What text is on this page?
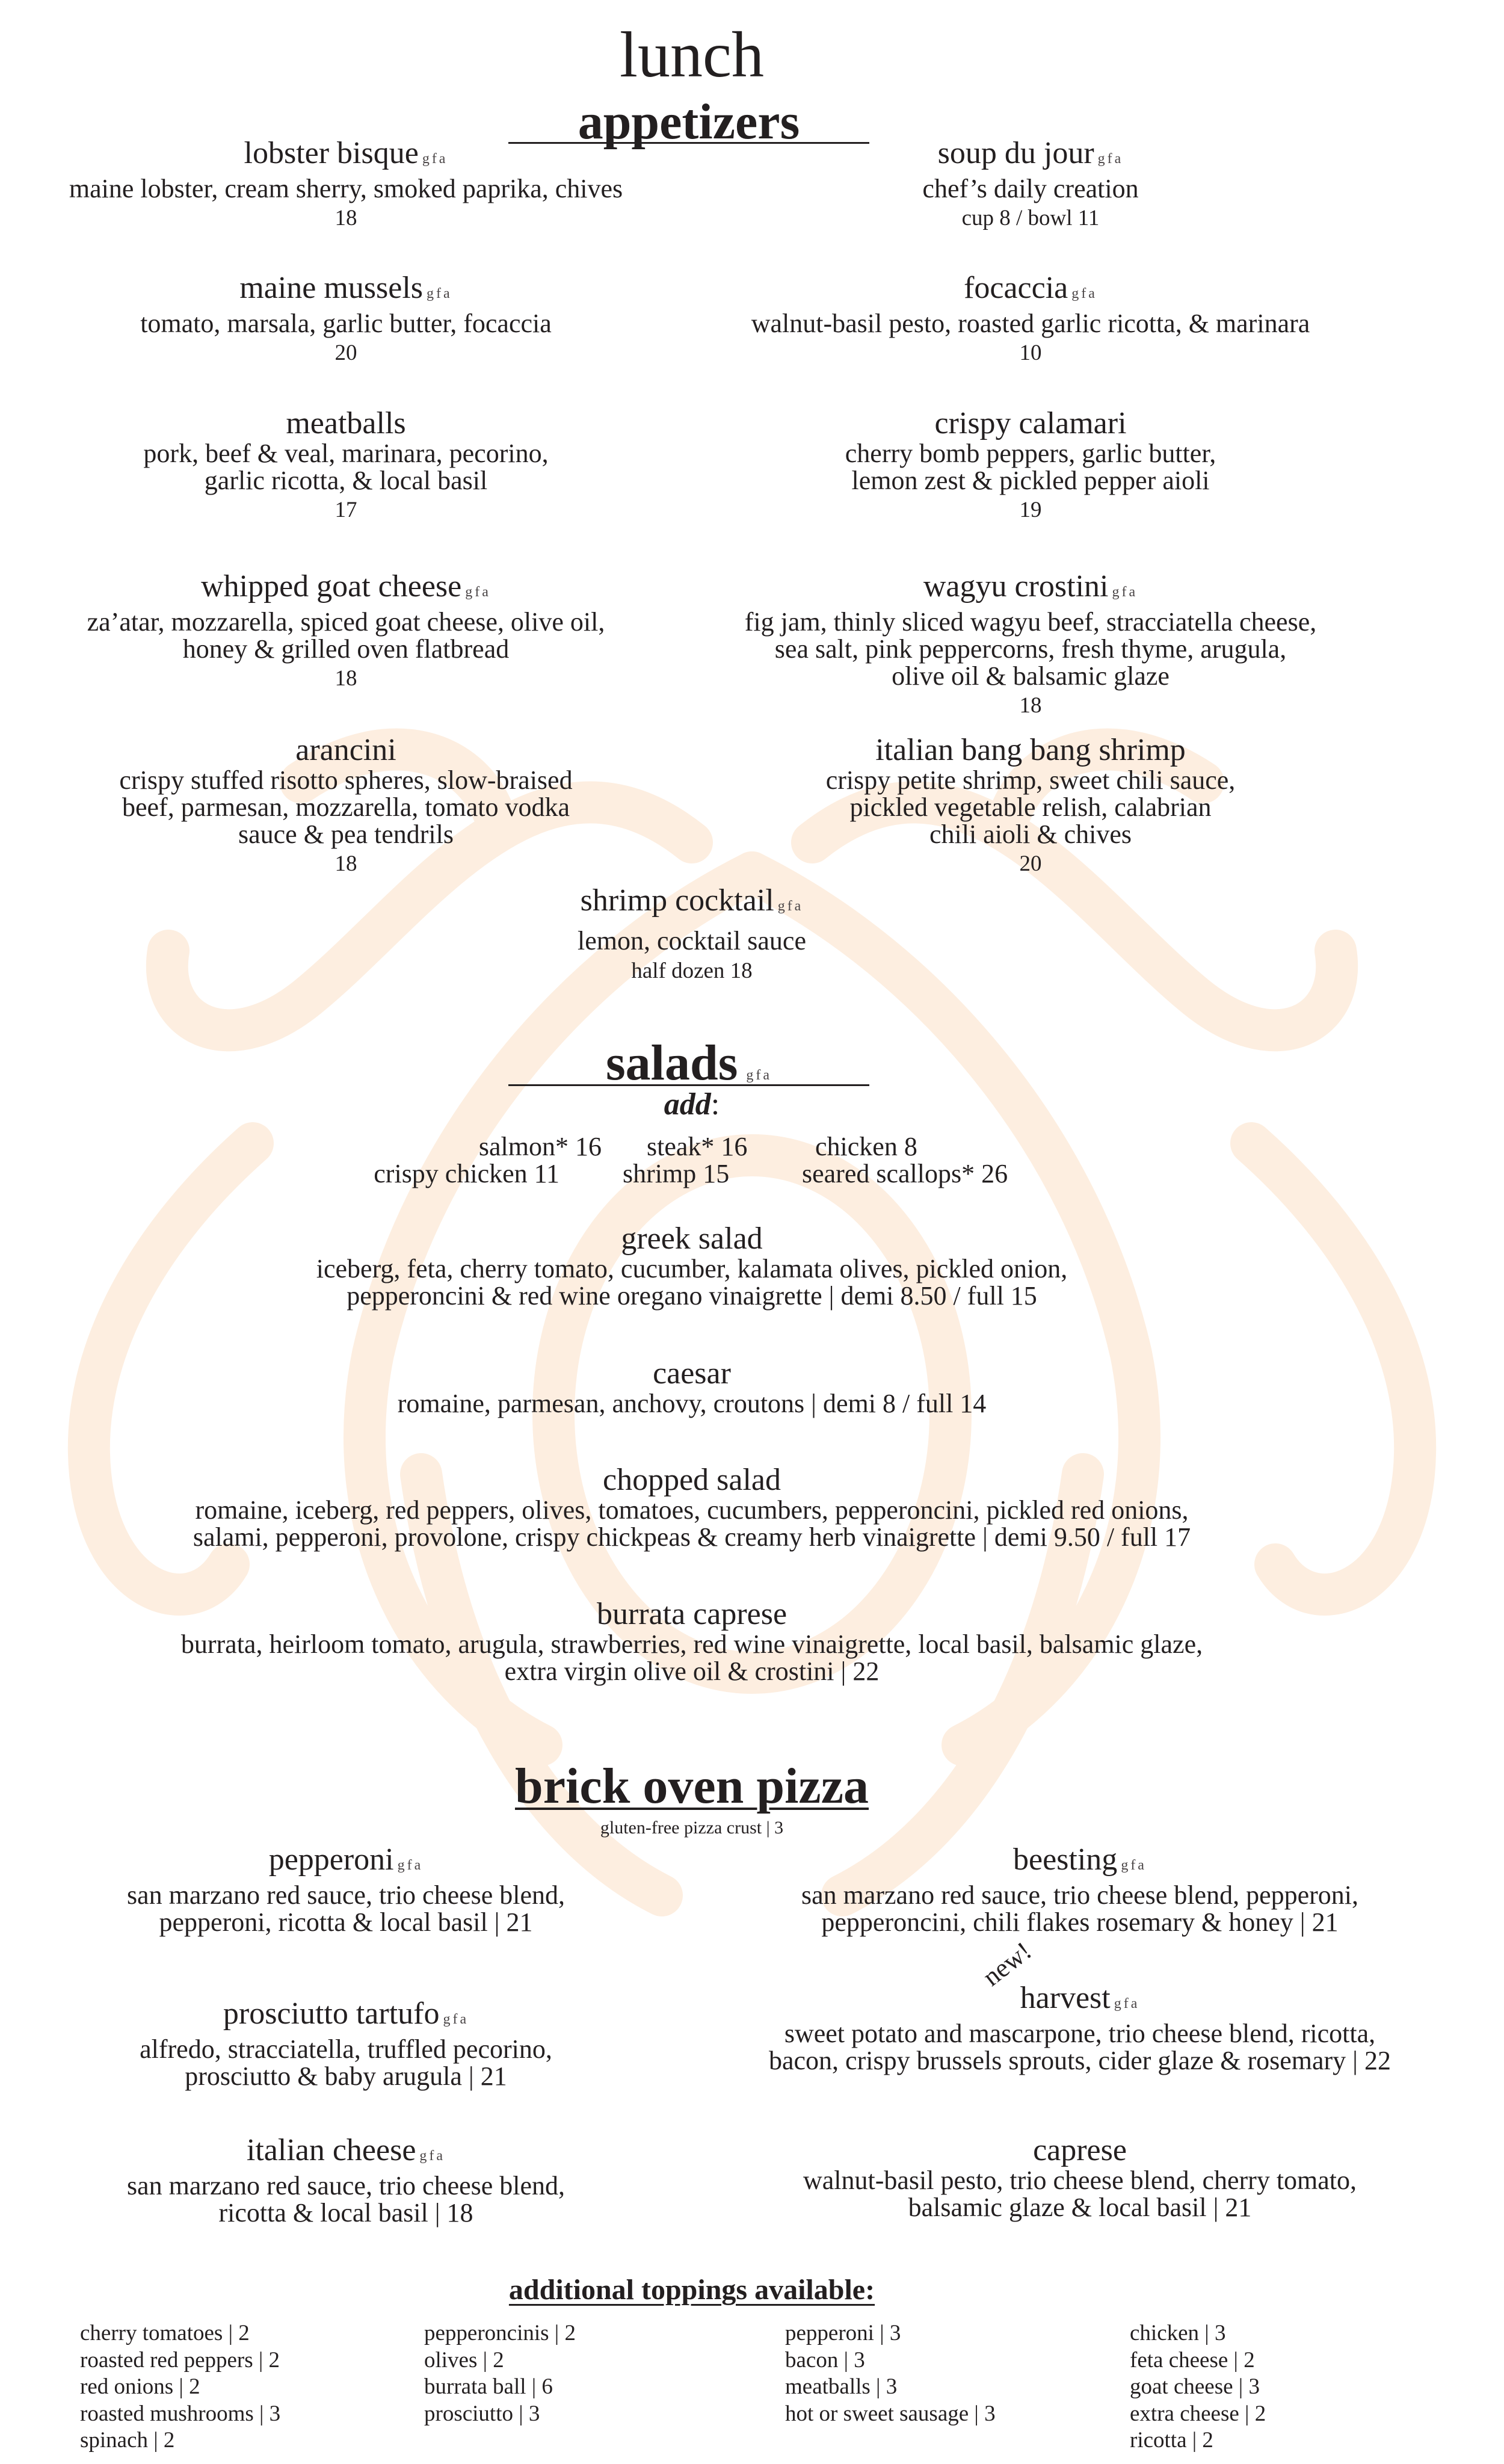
lunch
appetizers
lobster bisque gfa
maine lobster, cream sherry, smoked paprika, chives
18
maine mussels gfa
tomato, marsala, garlic butter, focaccia
20
meatballs
pork, beef & veal, marinara, pecorino,
garlic ricotta, & local basil
17
whipped goat cheese gfa
za’atar, mozzarella, spiced goat cheese, olive oil,
honey & grilled oven flatbread
18
arancini
crispy stuffed risotto spheres, slow-braised
beef, parmesan, mozzarella, tomato vodka
sauce & pea tendrils
18
soup du jour gfa
chef’s daily creation
cup 8 / bowl 11
focaccia gfa
walnut-basil pesto, roasted garlic ricotta, & marinara
10
crispy calamari
cherry bomb peppers, garlic butter,
lemon zest & pickled pepper aioli
19
wagyu crostini gfa
fig jam, thinly sliced wagyu beef, stracciatella cheese,
sea salt, pink peppercorns, fresh thyme, arugula,
olive oil & balsamic glaze
18
italian bang bang shrimp
crispy petite shrimp, sweet chili sauce,
pickled vegetable relish, calabrian
chili aioli & chives
20
shrimp cocktail gfa
lemon, cocktail sauce
half dozen 18
salads gfa
add:
salmon* 16 steak* 16	chicken 8
crispy chicken 11 shrimp 15	seared scallops* 26
greek salad
iceberg, feta, cherry tomato, cucumber, kalamata olives, pickled onion,
pepperoncini & red wine oregano vinaigrette | demi 8.50 / full 15
caesar
romaine, parmesan, anchovy, croutons | demi 8 / full 14
chopped salad
romaine, iceberg, red peppers, olives, tomatoes, cucumbers, pepperoncini, pickled red onions,
salami, pepperoni, provolone, crispy chickpeas & creamy herb vinaigrette | demi 9.50 / full 17
burrata caprese
burrata, heirloom tomato, arugula, strawberries, red wine vinaigrette, local basil, balsamic glaze,
extra virgin olive oil & crostini | 22
brick oven pizza
gluten-free pizza crust | 3
pepperoni gfa
san marzano red sauce, trio cheese blend,
pepperoni, ricotta & local basil | 21
prosciutto tartufo gfa
alfredo, stracciatella, truffled pecorino,
prosciutto & baby arugula | 21
italian cheese gfa
san marzano red sauce, trio cheese blend,
ricotta & local basil | 18
beesting gfa
san marzano red sauce, trio cheese blend, pepperoni,
pepperoncini, chili flakes rosemary & honey | 21
new!
harvest gfa
sweet potato and mascarpone, trio cheese blend, ricotta,
bacon, crispy brussels sprouts, cider glaze & rosemary | 22
caprese
walnut-basil pesto, trio cheese blend, cherry tomato,
balsamic glaze & local basil | 21
additional toppings available:
cherry tomatoes | 2
roasted red peppers | 2
red onions | 2
roasted mushrooms | 3
spinach | 2
pepperoncinis | 2
olives | 2
burrata ball | 6
prosciutto | 3
pepperoni | 3
bacon | 3
meatballs | 3
hot or sweet sausage | 3
chicken | 3
feta cheese | 2
goat cheese | 3
extra cheese | 2
ricotta | 2
